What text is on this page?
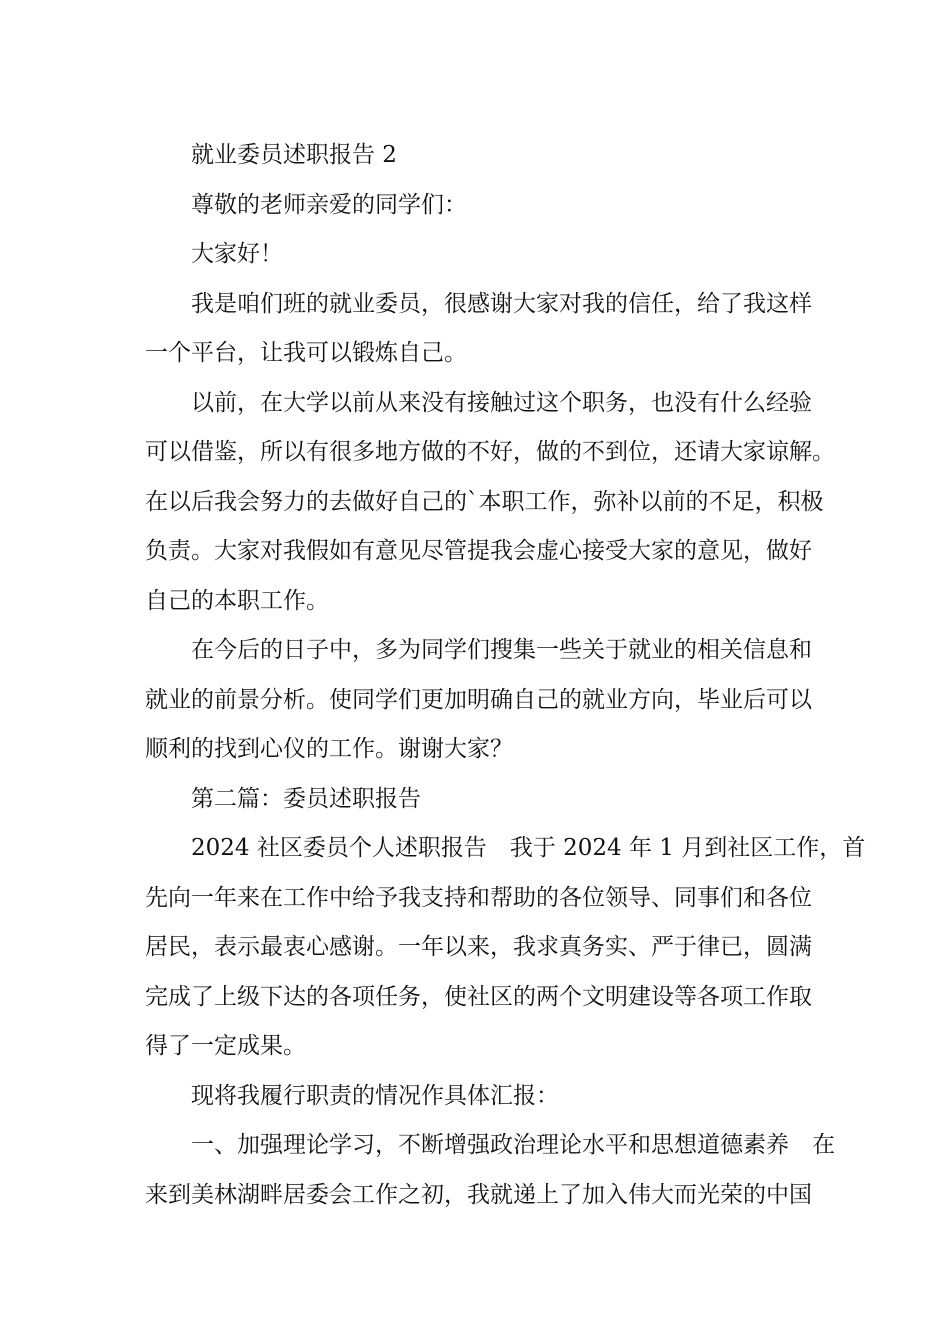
就业委员述职报告 2

尊敬的老师亲爱的同学们：

大家好！

我是咱们班的就业委员，很感谢大家对我的信任，给了我这样
一个平台，让我可以锻炼自己。

以前，在大学以前从来没有接触过这个职务，也没有什么经验
可以借鉴，所以有很多地方做的不好，做的不到位，还请大家谅解。
在以后我会努力的去做好自己的`本职工作，弥补以前的不足，积极
负责。大家对我假如有意见尽管提我会虚心接受大家的意见，做好
自己的本职工作。

在今后的日子中，多为同学们搜集一些关于就业的相关信息和
就业的前景分析。使同学们更加明确自己的就业方向，毕业后可以
顺利的找到心仪的工作。谢谢大家？

第二篇：委员述职报告

2024 社区委员个人述职报告　我于 2024 年 1 月到社区工作，首
先向一年来在工作中给予我支持和帮助的各位领导、同事们和各位
居民，表示最衷心感谢。一年以来，我求真务实、严于律已，圆满
完成了上级下达的各项任务，使社区的两个文明建设等各项工作取
得了一定成果。

现将我履行职责的情况作具体汇报：

一、加强理论学习，不断增强政治理论水平和思想道德素养　在
来到美林湖畔居委会工作之初，我就递上了加入伟大而光荣的中国
